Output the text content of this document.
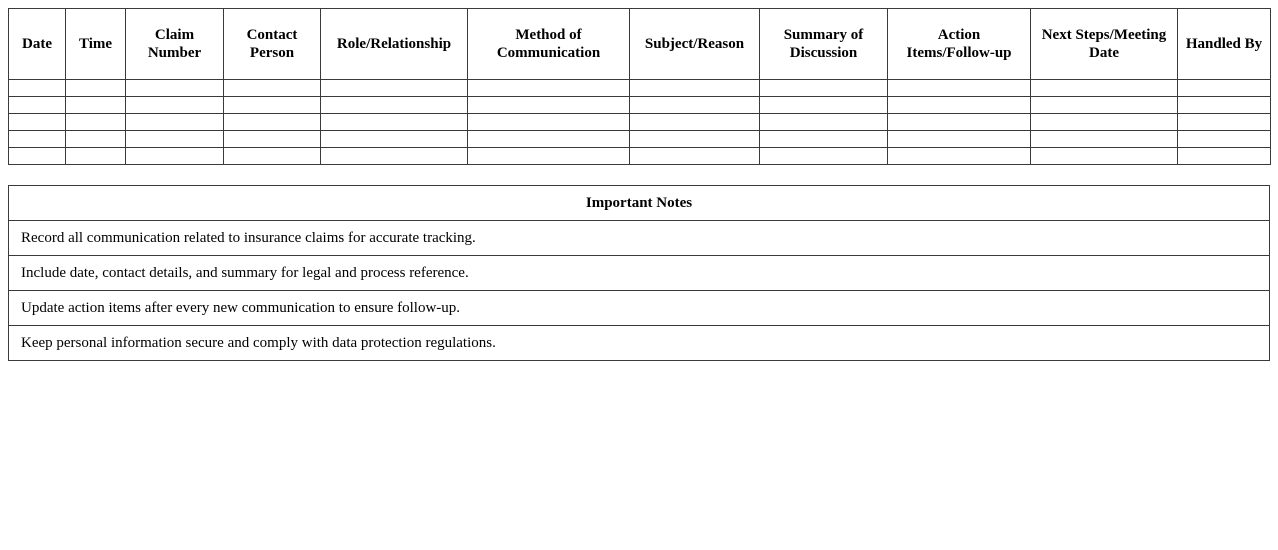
Date	Time	Claim Number	Contact Person	Role/Relationship	Method of Communication	Subject/Reason	Summary of Discussion	Action Items/Follow-up	Next Steps/Meeting Date	Handled By

Important Notes
Record all communication related to insurance claims for accurate tracking.
Include date, contact details, and summary for legal and process reference.
Update action items after every new communication to ensure follow-up.
Keep personal information secure and comply with data protection regulations.
